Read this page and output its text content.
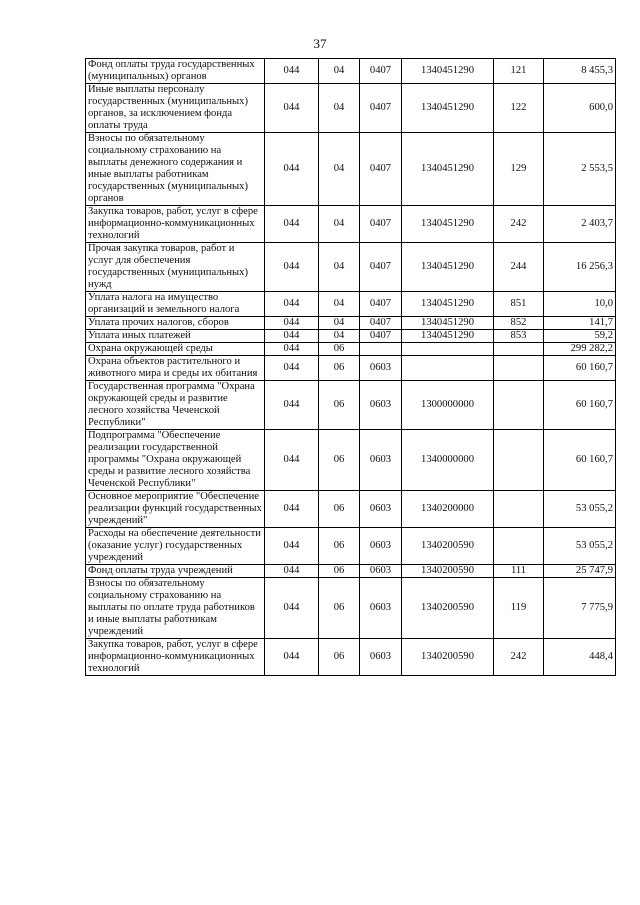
37
Фонд оплаты труда государственных (муниципальных) органов	044	04	0407	1340451290	121	8 455,3
Иные выплаты персоналу государственных (муниципальных) органов, за исключением фонда оплаты труда	044	04	0407	1340451290	122	600,0
Взносы по обязательному социальному страхованию на выплаты денежного содержания и иные выплаты работникам государственных (муниципальных) органов	044	04	0407	1340451290	129	2 553,5
Закупка товаров, работ, услуг в сфере информационно-коммуникационных технологий	044	04	0407	1340451290	242	2 403,7
Прочая закупка товаров, работ и услуг для обеспечения государственных (муниципальных) нужд	044	04	0407	1340451290	244	16 256,3
Уплата налога на имущество организаций и земельного налога	044	04	0407	1340451290	851	10,0
Уплата прочих налогов, сборов	044	04	0407	1340451290	852	141,7
Уплата иных платежей	044	04	0407	1340451290	853	59,2
Охрана окружающей среды	044	06				299 282,2
Охрана объектов растительного и животного мира и среды их обитания	044	06	0603			60 160,7
Государственная программа "Охрана окружающей среды и развитие лесного хозяйства Чеченской Республики"	044	06	0603	1300000000		60 160,7
Подпрограмма "Обеспечение реализации государственной программы "Охрана окружающей среды и развитие лесного хозяйства Чеченской Республики"	044	06	0603	1340000000		60 160,7
Основное мероприятие "Обеспечение реализации функций государственных учреждений"	044	06	0603	1340200000		53 055,2
Расходы на обеспечение деятельности (оказание услуг) государственных учреждений	044	06	0603	1340200590		53 055,2
Фонд оплаты труда учреждений	044	06	0603	1340200590	111	25 747,9
Взносы по обязательному социальному страхованию на выплаты по оплате труда работников и иные выплаты работникам учреждений	044	06	0603	1340200590	119	7 775,9
Закупка товаров, работ, услуг в сфере информационно-коммуникационных технологий	044	06	0603	1340200590	242	448,4
